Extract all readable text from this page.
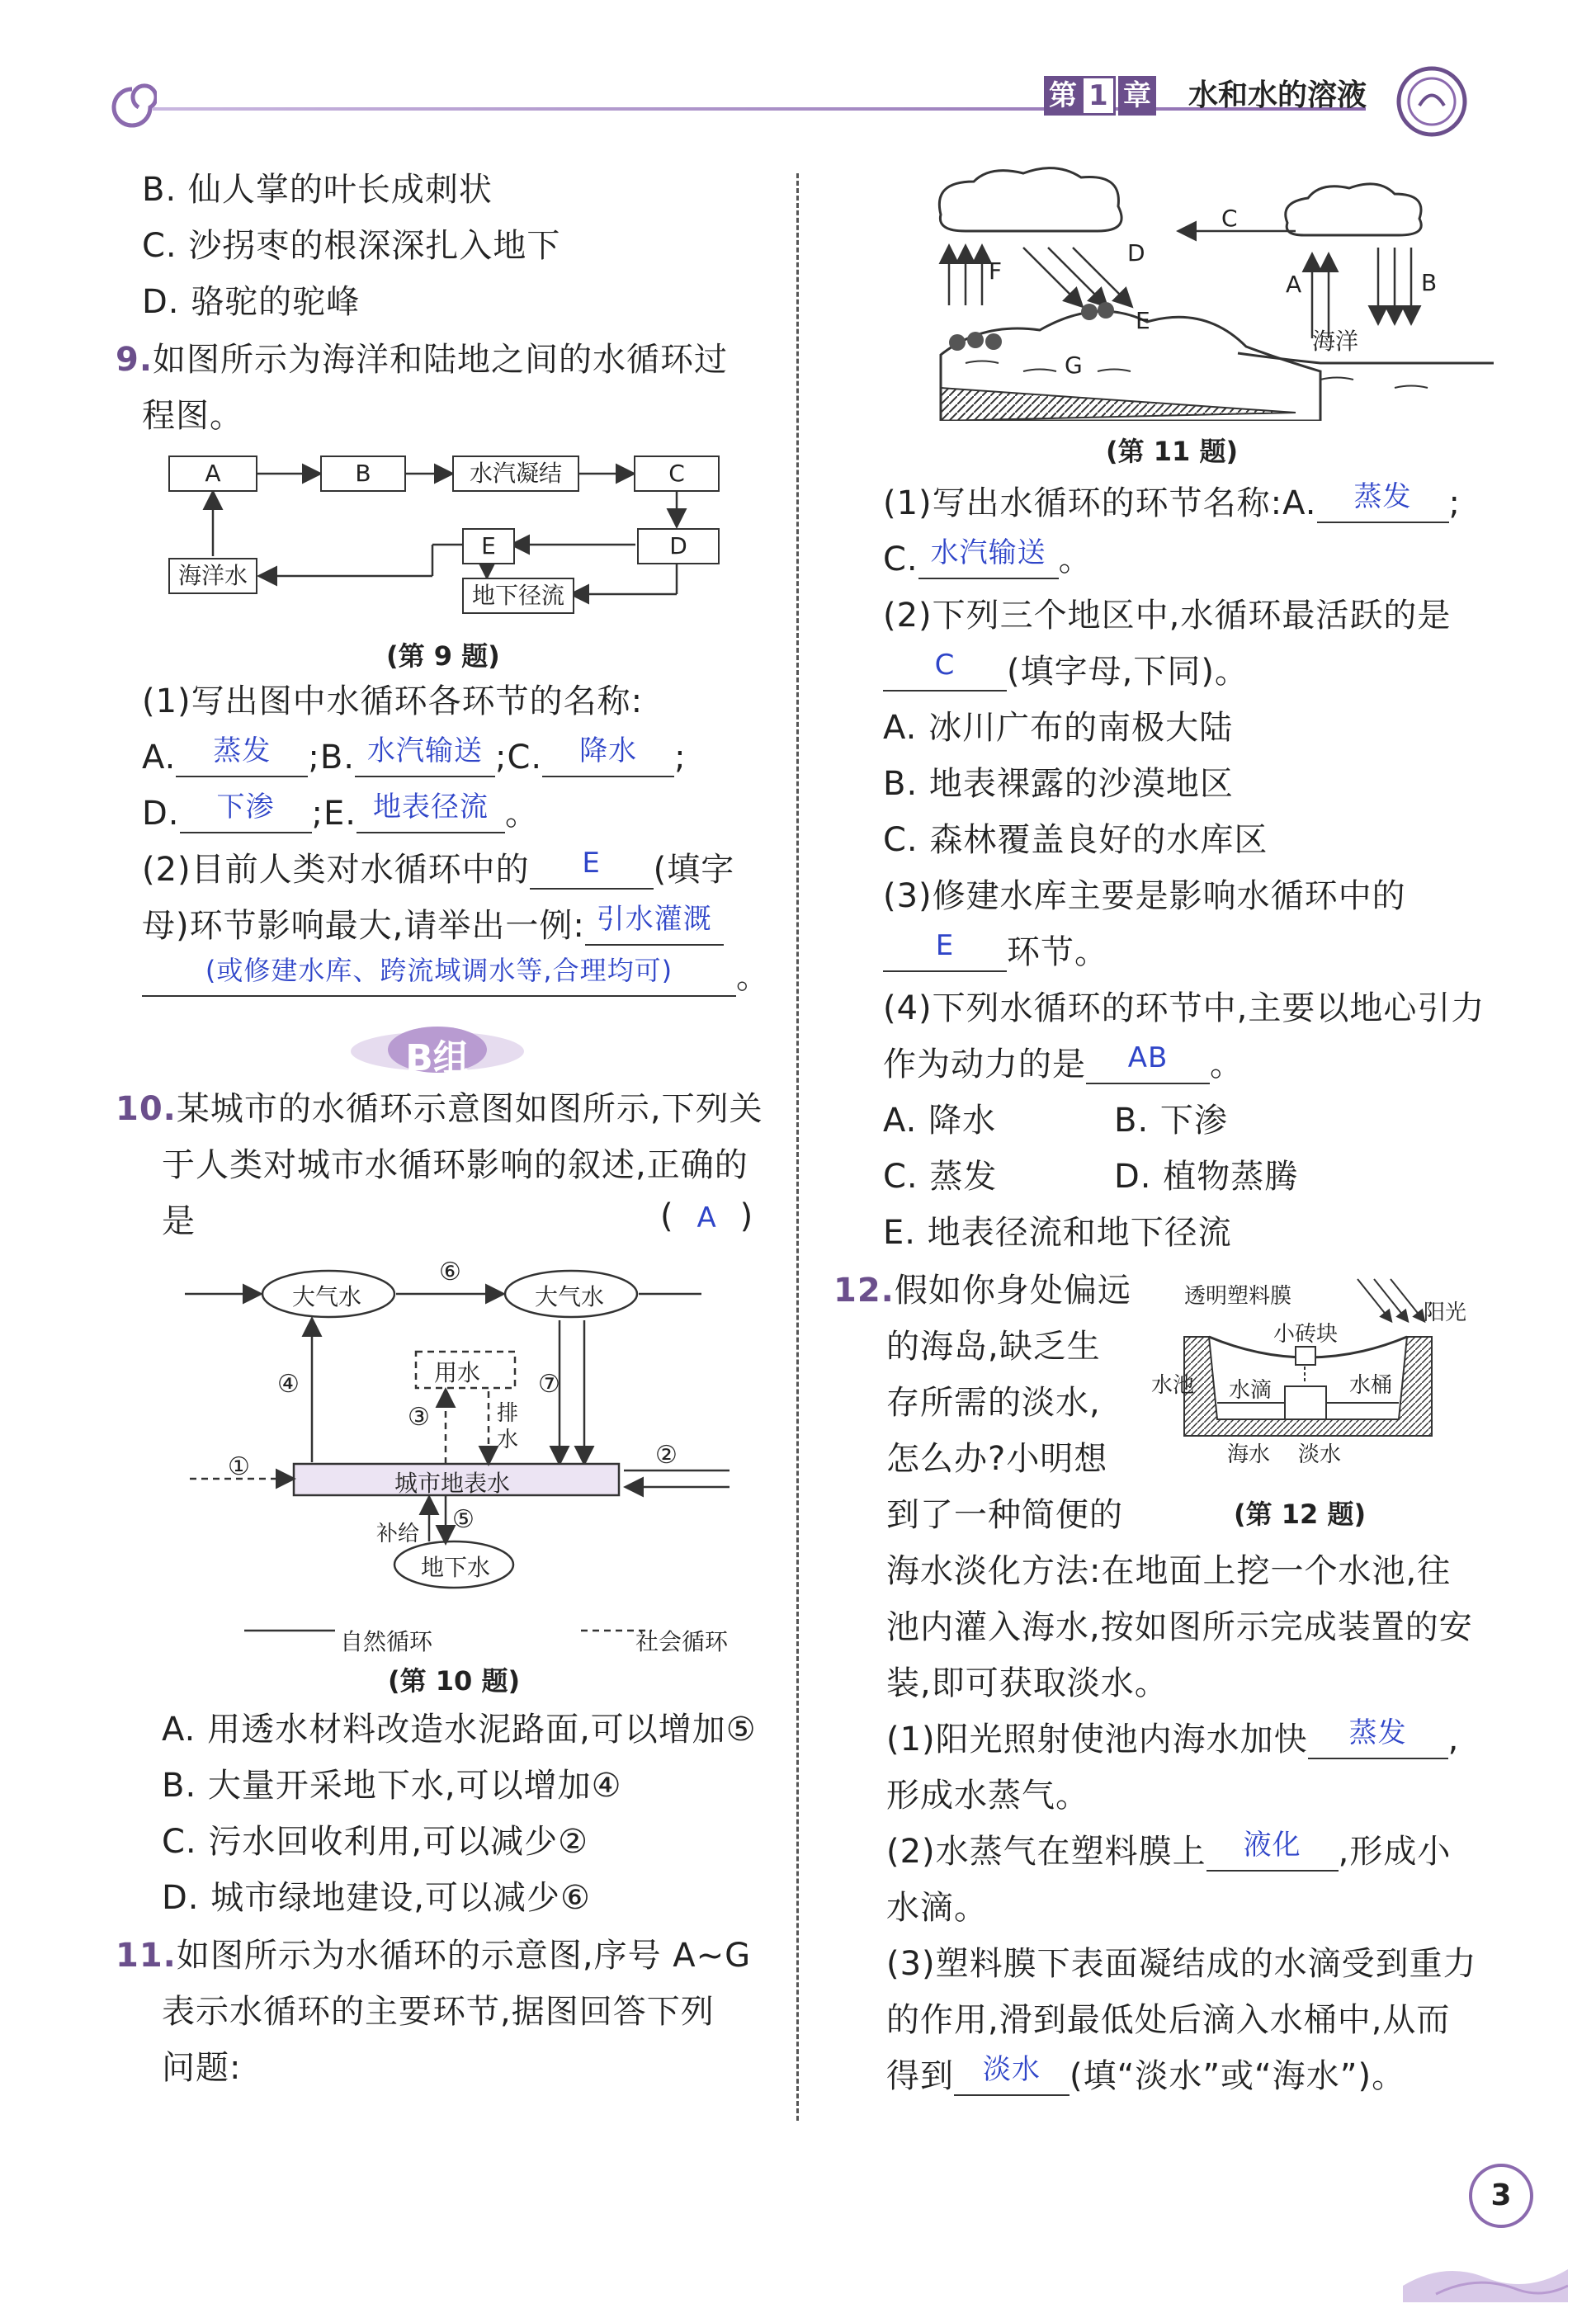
第 1 章 水和水的溶液
B. 仙人掌的叶长成刺状
C. 沙拐枣的根深深扎入地下
D. 骆驼的驼峰
9.如图所示为海洋和陆地之间的水循环过
程图。
A	B	水汽凝结	C
E	D
海洋水
地下径流
(第 9 题)
(1)写出图中水循环各环节的名称:
A.	蒸发	;B. 水汽输送 ;C.	降水	;
D.	下渗	;E. 地表径流 。
(2)目前人类对水循环中的	E	(填字
母)环节影响最大,请举出一例: 引水灌溉
(或修建水库、跨流域调水等,合理均可)	。
B组
10.某城市的水循环示意图如图所示,下列关
于人类对城市水循环影响的叙述,正确的
是	( A )
大气水	大气水
用水
城市地表水
地下水
排
水
补给
①	②
③
④
⑤
⑥
⑦
自然循环	社会循环
(第 10 题)
A. 用透水材料改造水泥路面,可以增加⑤
B. 大量开采地下水,可以增加④
C. 污水回收利用,可以减少②
D. 城市绿地建设,可以减少⑥
11.如图所示为水循环的示意图,序号 A~G
表示水循环的主要环节,据图回答下列
问题:
C
D
F	A	B
E
G
海洋
(第 11 题)
(1)写出水循环的环节名称:A.	蒸发	;
C. 水汽输送 。
(2)下列三个地区中,水循环最活跃的是
C	(填字母,下同)。
A. 冰川广布的南极大陆
B. 地表裸露的沙漠地区
C. 森林覆盖良好的水库区
(3)修建水库主要是影响水循环中的
E	环节。
(4)下列水循环的环节中,主要以地心引力
作为动力的是	AB	。
A. 降水	B. 下渗
C. 蒸发	D. 植物蒸腾
E. 地表径流和地下径流
12.假如你身处偏远
的海岛,缺乏生
存所需的淡水,
怎么办?小明想
到了一种简便的
透明塑料膜
阳光
小砖块
水池 水滴	水桶
海水 淡水
(第 12 题)
海水淡化方法:在地面上挖一个水池,往
池内灌入海水,按如图所示完成装置的安
装,即可获取淡水。
(1)阳光照射使池内海水加快	蒸发	,
形成水蒸气。
(2)水蒸气在塑料膜上	液化	,形成小
水滴。
(3)塑料膜下表面凝结成的水滴受到重力
的作用,滑到最低处后滴入水桶中,从而
得到	淡水 (填“淡水”或“海水”)。
3
